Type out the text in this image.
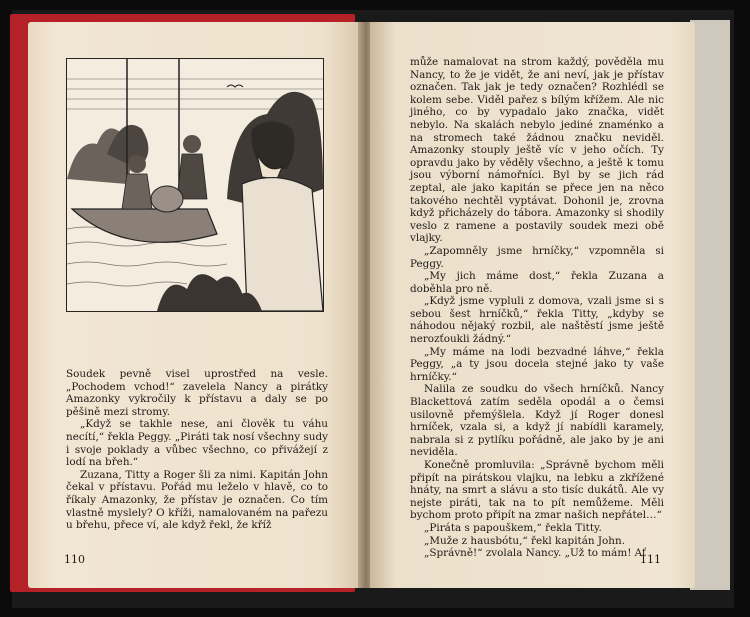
Soudek pevně visel uprostřed na vesle. „Pochodem vchod!“ zavelela Nancy a pirátky Amazonky vykročily k přístavu a daly se po pěšině mezi stromy.

„Když se takhle nese, ani člověk tu váhu necítí,“ řekla Peggy. „Piráti tak nosí všechny sudy i svoje poklady a vůbec všechno, co přivážejí z lodí na břeh.“

Zuzana, Titty a Roger šli za nimi. Kapitán John čekal v přístavu. Pořád mu leželo v hlavě, co to říkaly Amazonky, že přístav je označen. Co tím vlastně myslely? O kříži, namalovaném na pařezu u břehu, přece ví, ale když řekl, že kříž

110

může namalovat na strom každý, pověděla mu Nancy, to že je vidět, že ani neví, jak je přístav označen. Tak jak je tedy označen? Rozhlédl se kolem sebe. Viděl pařez s bílým křížem. Ale nic jiného, co by vypadalo jako značka, vidět nebylo. Na skalách nebylo jediné znaménko a na stromech také žádnou značku neviděl. Amazonky stouply ještě víc v jeho očích. Ty opravdu jako by věděly všechno, a ještě k tomu jsou výborní námořníci. Byl by se jich rád zeptal, ale jako kapitán se přece jen na něco takového nechtěl vyptávat. Dohonil je, zrovna když přicházely do tábora. Amazonky si shodily veslo z ramene a postavily soudek mezi obě vlajky.

„Zapomněly jsme hrníčky,“ vzpomněla si Peggy.

„My jich máme dost,“ řekla Zuzana a doběhla pro ně.

„Když jsme vypluli z domova, vzali jsme si s sebou šest hrníčků,“ řekla Titty, „kdyby se náhodou nějaký rozbil, ale naštěstí jsme ještě nerozťoukli žádný.“

„My máme na lodi bezvadné láhve,“ řekla Peggy, „a ty jsou docela stejné jako ty vaše hrníčky.“

Nalila ze soudku do všech hrníčků. Nancy Blackettová zatím seděla opodál a o čemsi usilovně přemýšlela. Když jí Roger donesl hrníček, vzala si, a když jí nabídli karamely, nabrala si z pytlíku pořádně, ale jako by je ani neviděla.

Konečně promluvila: „Správně bychom měli připít na pirátskou vlajku, na lebku a zkřížené hnáty, na smrt a slávu a sto tisíc dukátů. Ale vy nejste piráti, tak na to pít nemůžeme. Měli bychom proto připít na zmar našich nepřátel…“

„Piráta s papouškem,“ řekla Titty.

„Muže z hausbótu,“ řekl kapitán John.

„Správně!“ zvolala Nancy. „Už to mám! Ať

111
